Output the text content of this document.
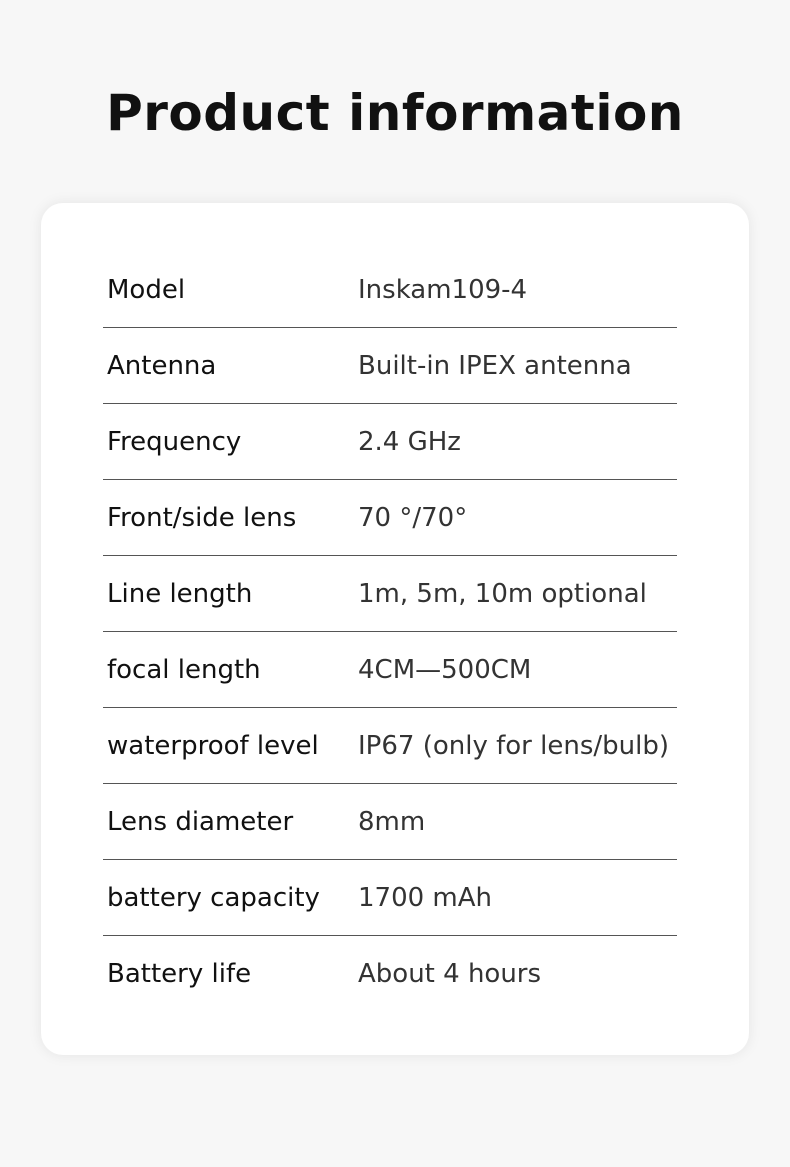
Product information
Model	Inskam109-4
Antenna	Built-in IPEX antenna
Frequency	2.4 GHz
Front/side lens 70 °/70°
Line length	1m, 5m, 10m optional
focal length	4CM—500CM
waterproof level IP67 (only for lens/bulb)
Lens diameter 8mm
battery capacity 1700 mAh
Battery life	About 4 hours
